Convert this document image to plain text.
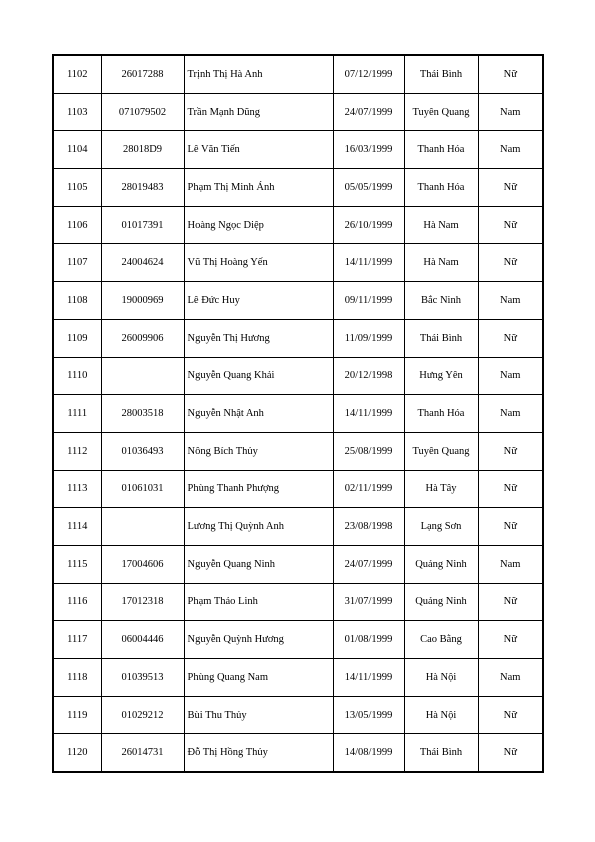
1102	26017288	Trịnh Thị Hà Anh	07/12/1999	Thái Bình	Nữ
1103	071079502	Trần Mạnh Dũng	24/07/1999	Tuyên Quang	Nam
1104	28018D9	Lê Văn Tiến	16/03/1999	Thanh Hóa	Nam
1105	28019483	Phạm Thị Minh Ánh	05/05/1999	Thanh Hóa	Nữ
1106	01017391	Hoàng Ngọc Diệp	26/10/1999	Hà Nam	Nữ
1107	24004624	Vũ Thị Hoàng Yến	14/11/1999	Hà Nam	Nữ
1108	19000969	Lê Đức Huy	09/11/1999	Bắc Ninh	Nam
1109	26009906	Nguyễn Thị Hương	11/09/1999	Thái Bình	Nữ
1110		Nguyễn Quang Khải	20/12/1998	Hưng Yên	Nam
1111	28003518	Nguyễn Nhật Anh	14/11/1999	Thanh Hóa	Nam
1112	01036493	Nông Bích Thủy	25/08/1999	Tuyên Quang	Nữ
1113	01061031	Phùng Thanh Phượng	02/11/1999	Hà Tây	Nữ
1114		Lương Thị Quỳnh Anh	23/08/1998	Lạng Sơn	Nữ
1115	17004606	Nguyễn Quang Ninh	24/07/1999	Quảng Ninh	Nam
1116	17012318	Phạm Thảo Linh	31/07/1999	Quảng Ninh	Nữ
1117	06004446	Nguyễn Quỳnh Hương	01/08/1999	Cao Bằng	Nữ
1118	01039513	Phùng Quang Nam	14/11/1999	Hà Nội	Nam
1119	01029212	Bùi Thu Thủy	13/05/1999	Hà Nội	Nữ
1120	26014731	Đỗ Thị Hồng Thủy	14/08/1999	Thái Bình	Nữ
